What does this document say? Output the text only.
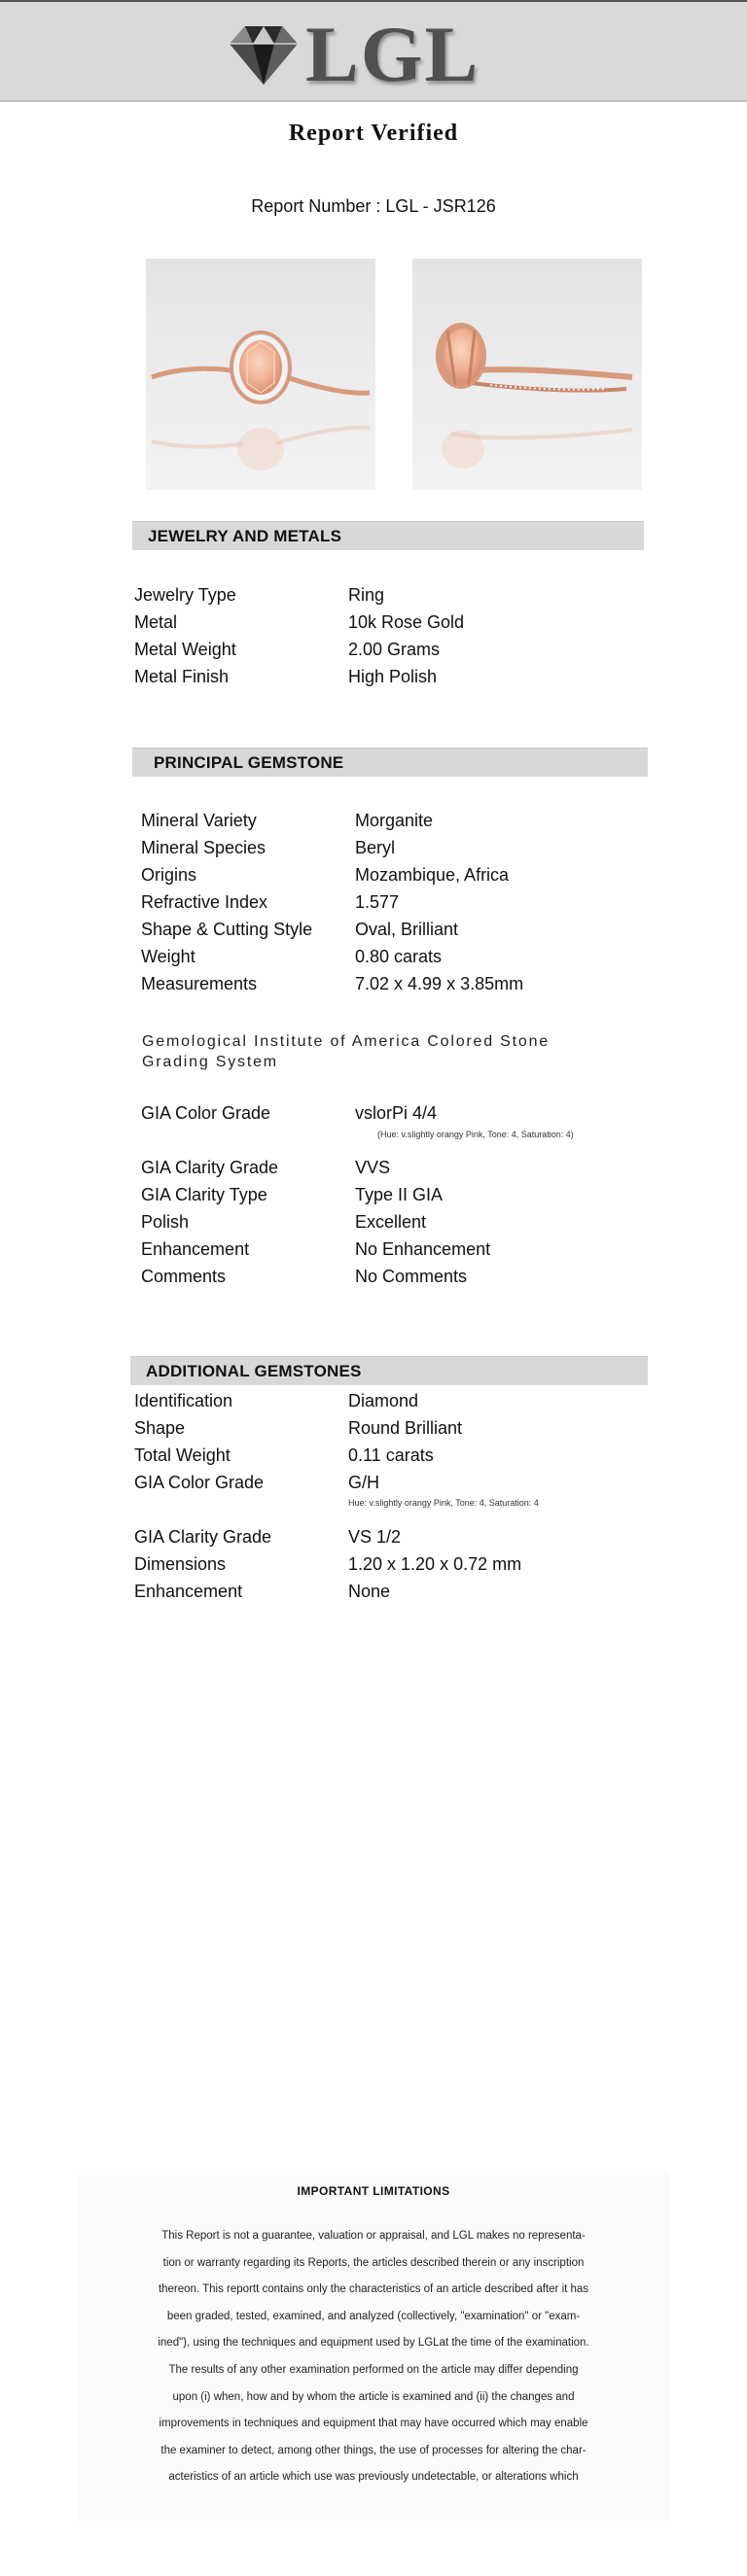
LGL
Report Verified
Report Number : LGL - JSR126
JEWELRY AND METALS
Jewelry Type	Ring
Metal	10k Rose Gold
Metal Weight	2.00 Grams
Metal Finish	High Polish
PRINCIPAL GEMSTONE
Mineral Variety	Morganite
Mineral Species	Beryl
Origins	Mozambique, Africa
Refractive Index	1.577
Shape & Cutting Style	Oval, Brilliant
Weight	0.80 carats
Measurements	7.02 x 4.99 x 3.85mm
Gemological Institute of America Colored Stone Grading System
GIA Color Grade	vslorPi 4/4
(Hue: v.slightly orangy Pink, Tone: 4, Saturation: 4)
GIA Clarity Grade	VVS
GIA Clarity Type	Type II GIA
Polish	Excellent
Enhancement	No Enhancement
Comments	No Comments
ADDITIONAL GEMSTONES
Identification	Diamond
Shape	Round Brilliant
Total Weight	0.11 carats
GIA Color Grade	G/H
Hue: v.slightly orangy Pink, Tone: 4, Saturation: 4
GIA Clarity Grade	VS 1/2
Dimensions	1.20 x 1.20 x 0.72 mm
Enhancement	None
IMPORTANT LIMITATIONS
This Report is not a guarantee, valuation or appraisal, and LGL makes no representa-
tion or warranty regarding its Reports, the articles described therein or any inscription
thereon. This reportt contains only the characteristics of an article described after it has
been graded, tested, examined, and analyzed (collectively, "examination" or "exam-
ined"), using the techniques and equipment used by LGLat the time of the examination.
The results of any other examination performed on the article may differ depending
upon (i) when, how and by whom the article is examined and (ii) the changes and
improvements in techniques and equipment that may have occurred which may enable
the examiner to detect, among other things, the use of processes for altering the char-
acteristics of an article which use was previously undetectable, or alterations which
